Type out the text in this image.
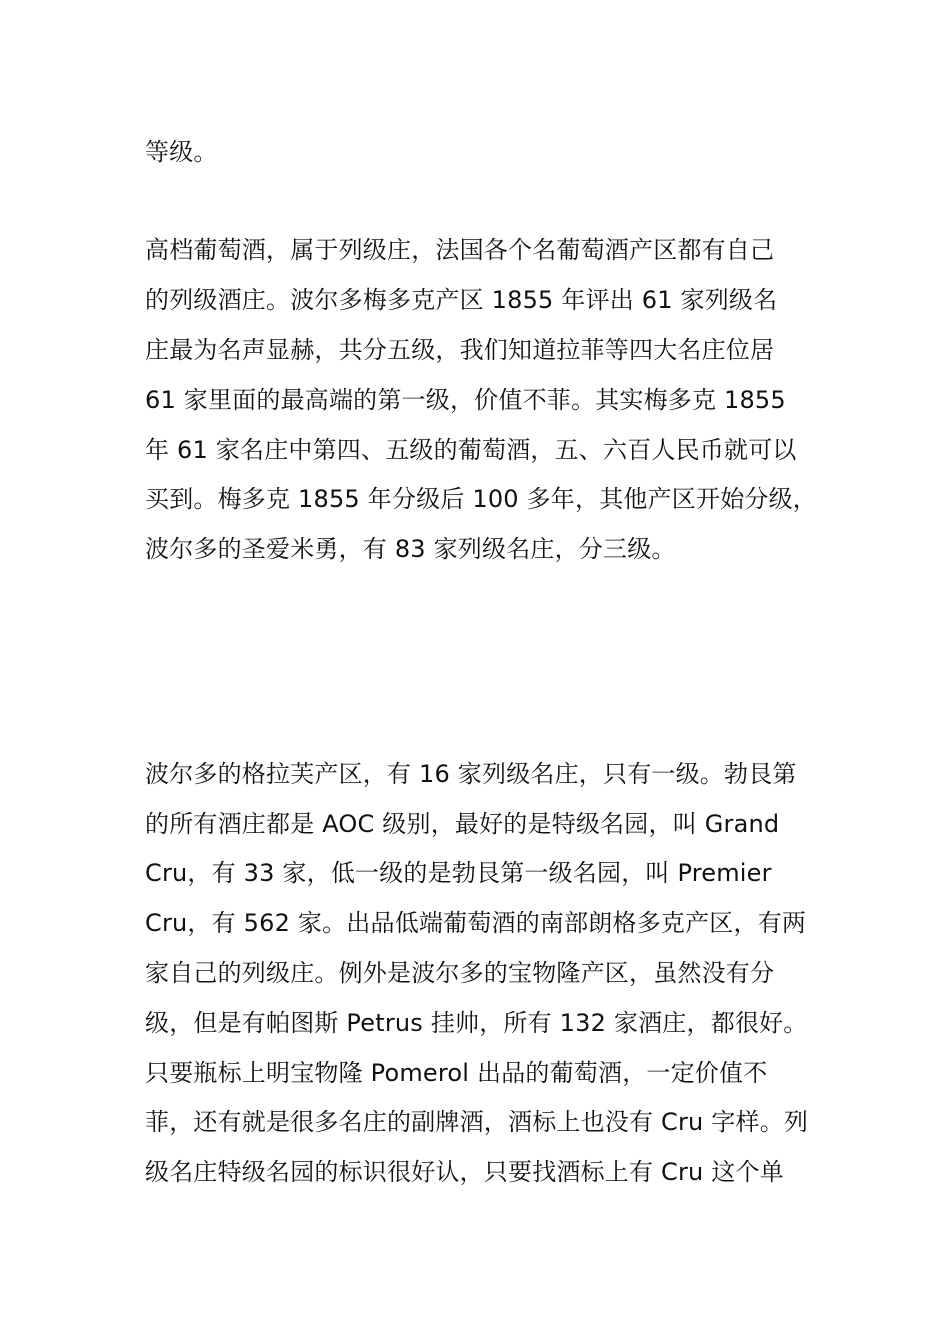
等级。
高档葡萄酒，属于列级庄，法国各个名葡萄酒产区都有自己
的列级酒庄。波尔多梅多克产区 1855 年评出 61 家列级名
庄最为名声显赫，共分五级，我们知道拉菲等四大名庄位居
61 家里面的最高端的第一级，价值不菲。其实梅多克 1855
年 61 家名庄中第四、五级的葡萄酒，五、六百人民币就可以
买到。梅多克 1855 年分级后 100 多年，其他产区开始分级，
波尔多的圣爱米勇，有 83 家列级名庄，分三级。
波尔多的格拉芙产区，有 16 家列级名庄，只有一级。勃艮第
的所有酒庄都是 AOC 级别，最好的是特级名园，叫 Grand
Cru，有 33 家，低一级的是勃艮第一级名园，叫 Premier
Cru，有 562 家。出品低端葡萄酒的南部朗格多克产区，有两
家自己的列级庄。例外是波尔多的宝物隆产区，虽然没有分
级，但是有帕图斯 Petrus 挂帅，所有 132 家酒庄，都很好。
只要瓶标上明宝物隆 Pomerol 出品的葡萄酒，一定价值不
菲，还有就是很多名庄的副牌酒，酒标上也没有 Cru 字样。列
级名庄特级名园的标识很好认，只要找酒标上有 Cru 这个单
